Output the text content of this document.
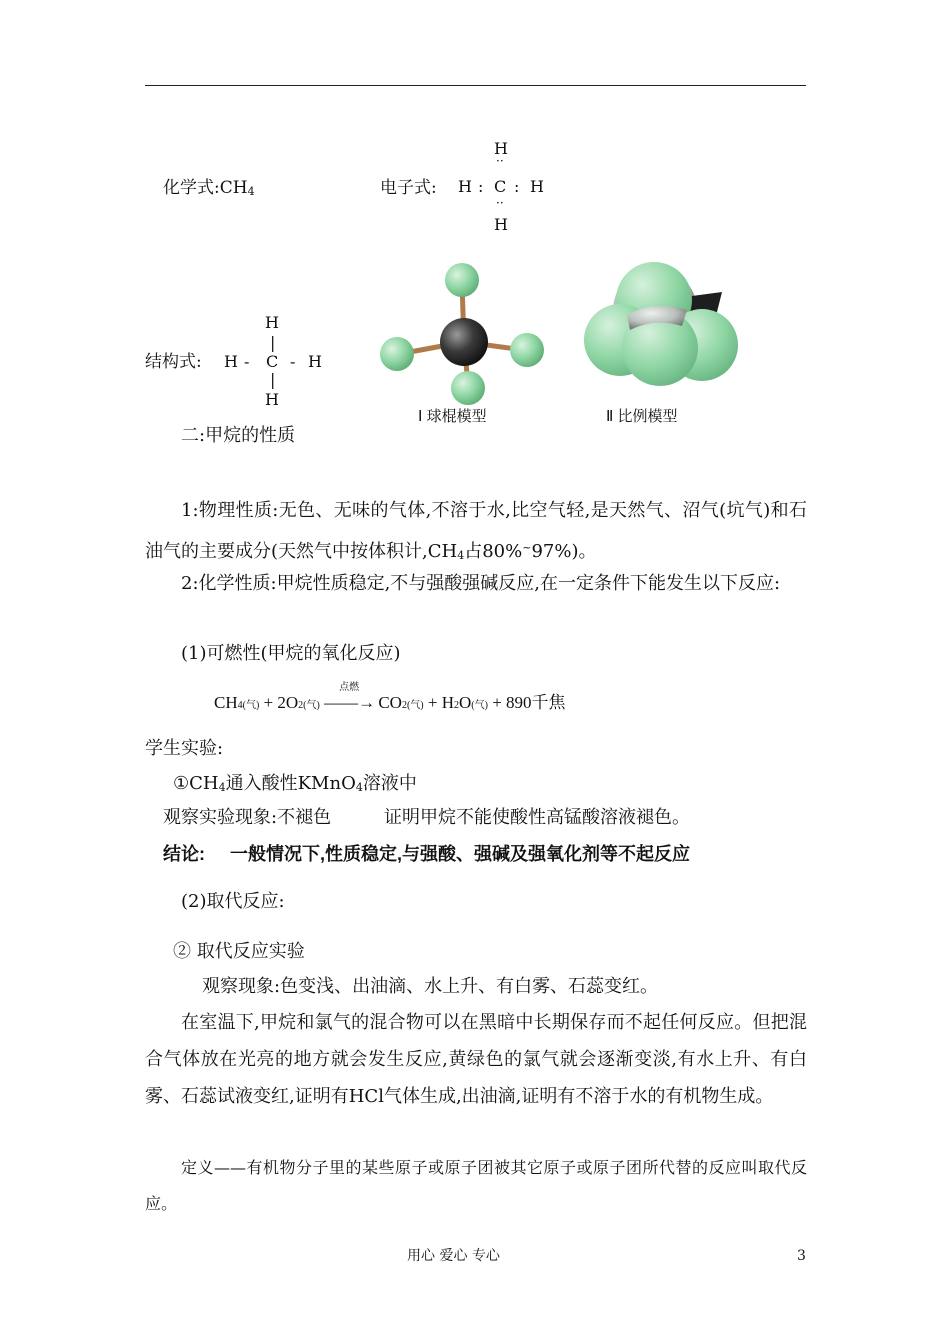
化学式:CH4	电子式:
H
··
H : C : H
··
H
H
|
结构式: H - C - H
|
H
Ⅰ 球棍模型	Ⅱ 比例模型
二:甲烷的性质
1:物理性质:无色、无味的气体,不溶于水,比空气轻,是天然气、沼气(坑气)和石油气的主要成分(天然气中按体积计,CH4占80%~97%)。
2:化学性质:甲烷性质稳定,不与强酸强碱反应,在一定条件下能发生以下反应:
(1)可燃性(甲烷的氧化反应)
CH4(气) + 2O2(气)
点燃
——→ CO2(气) + H2O(气) + 890千焦
学生实验:
①CH4通入酸性KMnO4溶液中
观察实验现象:不褪色	证明甲烷不能使酸性高锰酸溶液褪色。
结论: 一般情况下,性质稳定,与强酸、强碱及强氧化剂等不起反应
(2)取代反应:
② 取代反应实验
观察现象:色变浅、出油滴、水上升、有白雾、石蕊变红。
在室温下,甲烷和氯气的混合物可以在黑暗中长期保存而不起任何反应。但把混合气体放在光亮的地方就会发生反应,黄绿色的氯气就会逐渐变淡,有水上升、有白雾、石蕊试液变红,证明有HCl气体生成,出油滴,证明有不溶于水的有机物生成。
定义——有机物分子里的某些原子或原子团被其它原子或原子团所代替的反应叫取代反应。
用心 爱心 专心	3
